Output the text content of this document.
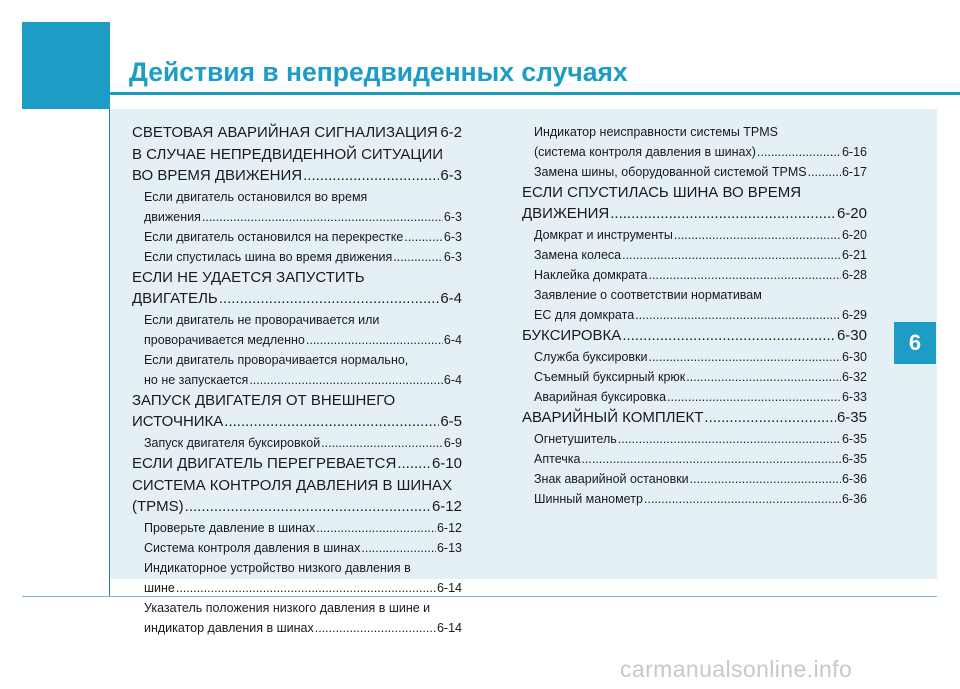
Действия в непредвиденных случаях
СВЕТОВАЯ АВАРИЙНАЯ СИГНАЛИЗАЦИЯ ..... 6-2
В СЛУЧАЕ НЕПРЕДВИДЕННОЙ СИТУАЦИИ
ВО ВРЕМЯ ДВИЖЕНИЯ .....	6-3
Если двигатель остановился во время
движения .....	6-3
Если двигатель остановился на перекрестке .....	6-3
Если спустилась шина во время движения .....	6-3
ЕСЛИ НЕ УДАЕТСЯ ЗАПУСТИТЬ
ДВИГАТЕЛЬ .....	6-4
Если двигатель не проворачивается или
проворачивается медленно .....	6-4
Если двигатель проворачивается нормально,
но не запускается .....	6-4
ЗАПУСК ДВИГАТЕЛЯ ОТ ВНЕШНЕГО
ИСТОЧНИКА .....	6-5
Запуск двигателя буксировкой .....	6-9
ЕСЛИ ДВИГАТЕЛЬ ПЕРЕГРЕВАЕТСЯ ..... 6-10
СИСТЕМА КОНТРОЛЯ ДАВЛЕНИЯ В ШИНАХ
(TPMS) .....	6-12
Проверьте давление в шинах .....	6-12
Система контроля давления в шинах .....	6-13
Индикаторное устройство низкого давления в
шине .....	6-14
Указатель положения низкого давления в шине и
индикатор давления в шинах .....	6-14
Индикатор неисправности системы TPMS
(система контроля давления в шинах) .....	6-16
Замена шины, оборудованной системой TPMS .....	6-17
ЕСЛИ СПУСТИЛАСЬ ШИНА ВО ВРЕМЯ
ДВИЖЕНИЯ .....	6-20
Домкрат и инструменты .....	6-20
Замена колеса .....	6-21
Наклейка домкрата .....	6-28
Заявление о соответствии нормативам
ЕС для домкрата .....	6-29
БУКСИРОВКА .....	6-30
Служба буксировки .....	6-30
Съемный буксирный крюк .....	6-32
Аварийная буксировка .....	6-33
АВАРИЙНЫЙ КОМПЛЕКТ .....	6-35
Огнетушитель .....	6-35
Аптечка .....	6-35
Знак аварийной остановки .....	6-36
Шинный манометр .....	6-36
6
carmanualsonline.info
